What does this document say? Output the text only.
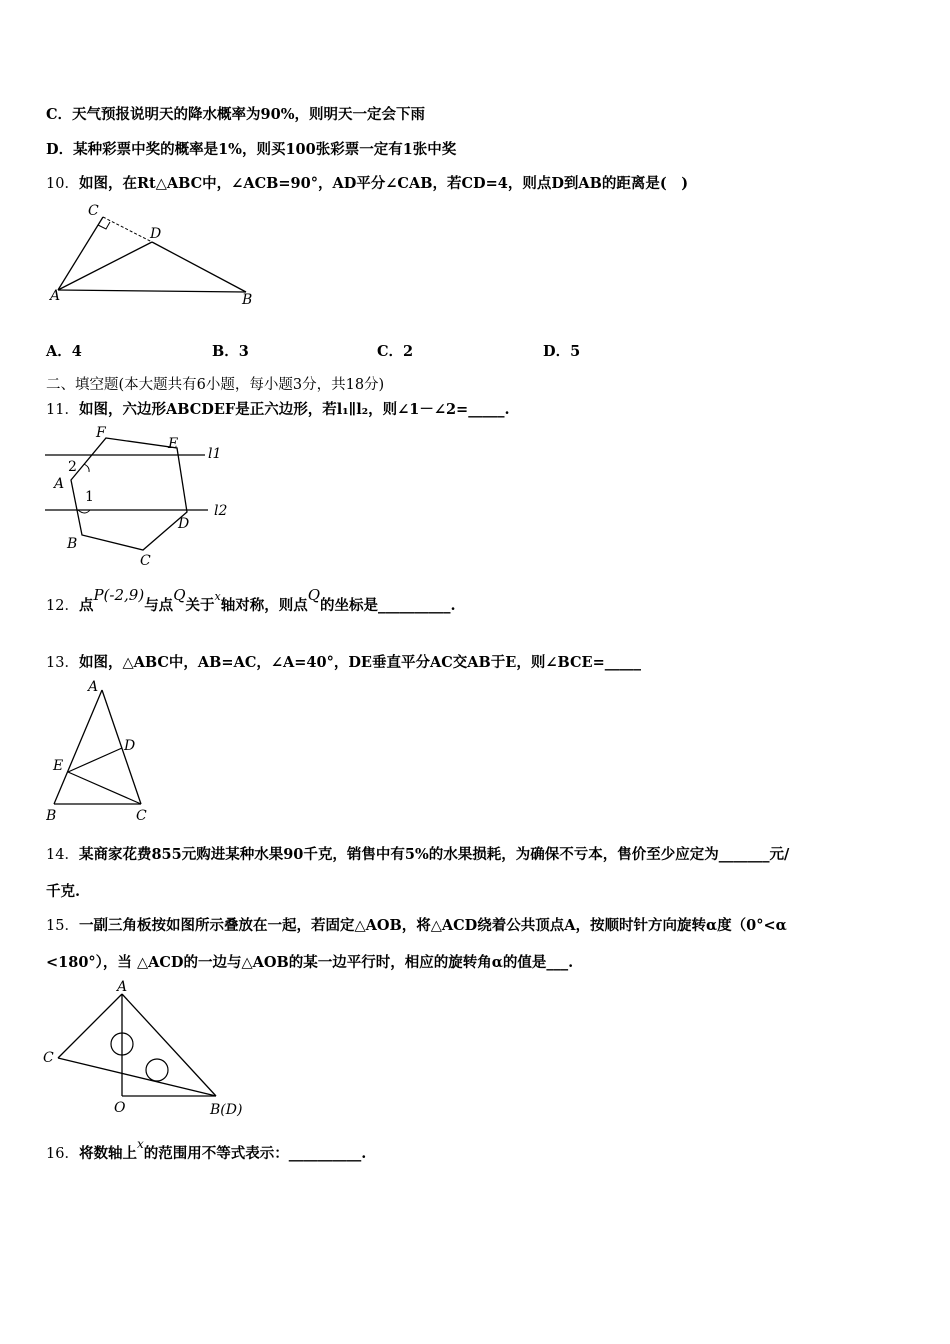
C．天气预报说明天的降水概率为90%，则明天一定会下雨
D．某种彩票中奖的概率是1%，则买100张彩票一定有1张中奖
10．如图，在Rt△ABC中，∠ACB=90°，AD平分∠CAB，若CD=4，则点D到AB的距离是(　)
C
D
A	B
A．4	B．3	C．2	D．5
二、填空题(本大题共有6小题，每小题3分，共18分)
11．如图，六边形ABCDEF是正六边形，若l₁∥l₂，则∠1－∠2=_____.
F
E
l1
2
A
1
D
l2
B
C
12．点P(-2,9)与点Q关于$^x$轴对称，则点Q的坐标是__________.
13．如图，△ABC中，AB=AC，∠A=40°，DE垂直平分AC交AB于E，则∠BCE=_____
A
D
E
B	C
14．某商家花费855元购进某种水果90千克，销售中有5%的水果损耗，为确保不亏本，售价至少应定为_______元/
千克.
15．一副三角板按如图所示叠放在一起，若固定△AOB，将△ACD绕着公共顶点A，按顺时针方向旋转α度（0°<α
<180°），当 △ACD的一边与△AOB的某一边平行时，相应的旋转角α的值是___.
A
C
O	B(D)
16．将数轴上$^x$的范围用不等式表示：__________.
